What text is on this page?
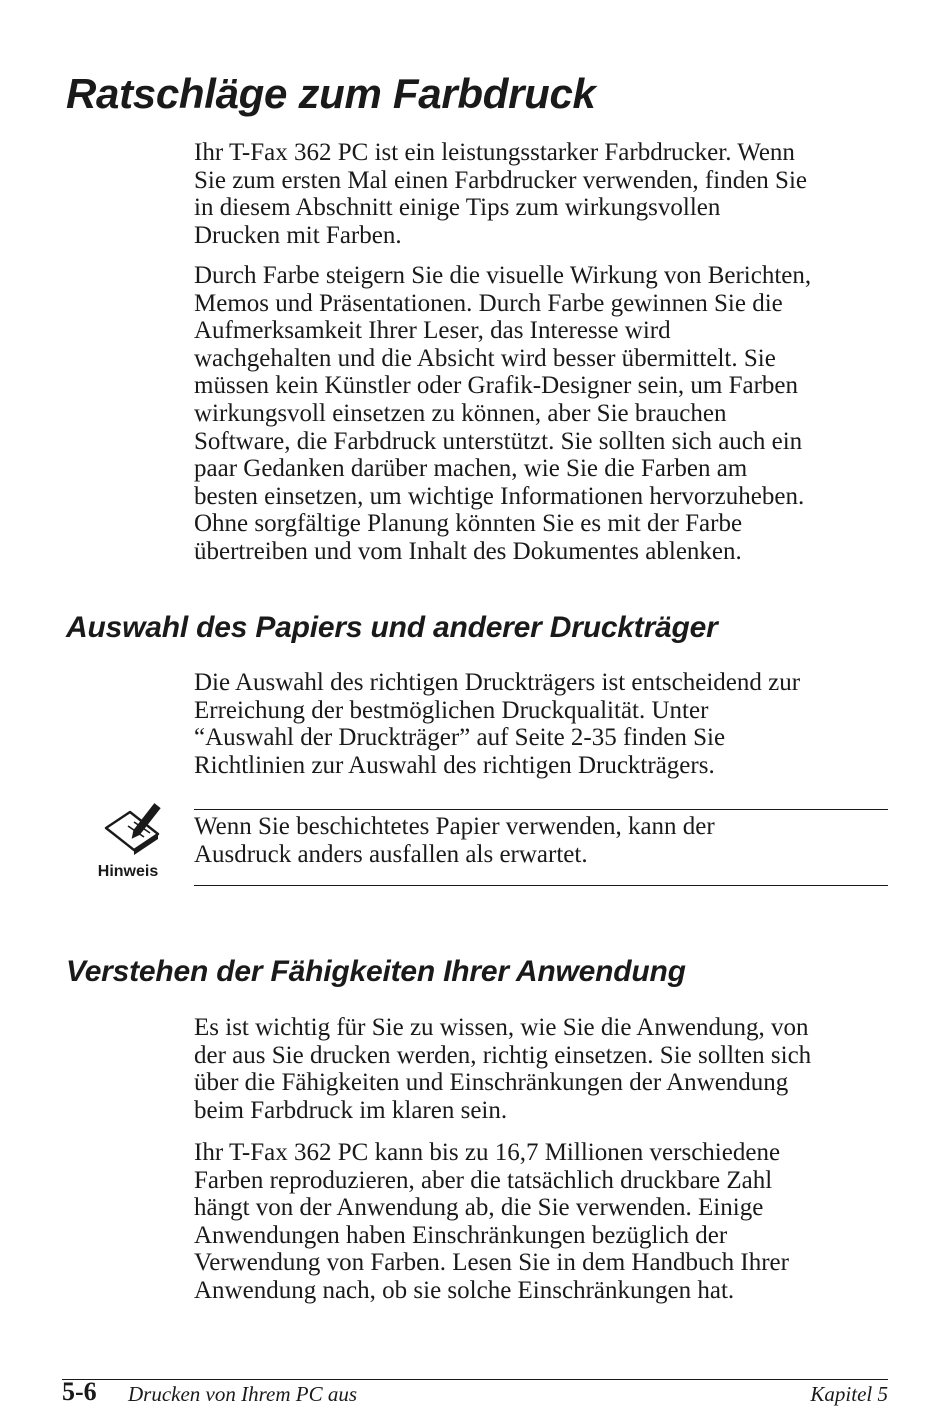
Ratschläge zum Farbdruck

Ihr T-Fax 362 PC ist ein leistungsstarker Farbdrucker. Wenn
Sie zum ersten Mal einen Farbdrucker verwenden, finden Sie
in diesem Abschnitt einige Tips zum wirkungsvollen
Drucken mit Farben.

Durch Farbe steigern Sie die visuelle Wirkung von Berichten,
Memos und Präsentationen. Durch Farbe gewinnen Sie die
Aufmerksamkeit Ihrer Leser, das Interesse wird
wachgehalten und die Absicht wird besser übermittelt. Sie
müssen kein Künstler oder Grafik-Designer sein, um Farben
wirkungsvoll einsetzen zu können, aber Sie brauchen
Software, die Farbdruck unterstützt. Sie sollten sich auch ein
paar Gedanken darüber machen, wie Sie die Farben am
besten einsetzen, um wichtige Informationen hervorzuheben.
Ohne sorgfältige Planung könnten Sie es mit der Farbe
übertreiben und vom Inhalt des Dokumentes ablenken.

Auswahl des Papiers und anderer Druckträger

Die Auswahl des richtigen Druckträgers ist entscheidend zur
Erreichung der bestmöglichen Druckqualität. Unter
“Auswahl der Druckträger” auf Seite 2-35 finden Sie
Richtlinien zur Auswahl des richtigen Druckträgers.

Hinweis

Wenn Sie beschichtetes Papier verwenden, kann der
Ausdruck anders ausfallen als erwartet.

Verstehen der Fähigkeiten Ihrer Anwendung

Es ist wichtig für Sie zu wissen, wie Sie die Anwendung, von
der aus Sie drucken werden, richtig einsetzen. Sie sollten sich
über die Fähigkeiten und Einschränkungen der Anwendung
beim Farbdruck im klaren sein.

Ihr T-Fax 362 PC kann bis zu 16,7 Millionen verschiedene
Farben reproduzieren, aber die tatsächlich druckbare Zahl
hängt von der Anwendung ab, die Sie verwenden. Einige
Anwendungen haben Einschränkungen bezüglich der
Verwendung von Farben. Lesen Sie in dem Handbuch Ihrer
Anwendung nach, ob sie solche Einschränkungen hat.

5-6 Drucken von Ihrem PC aus	Kapitel 5
